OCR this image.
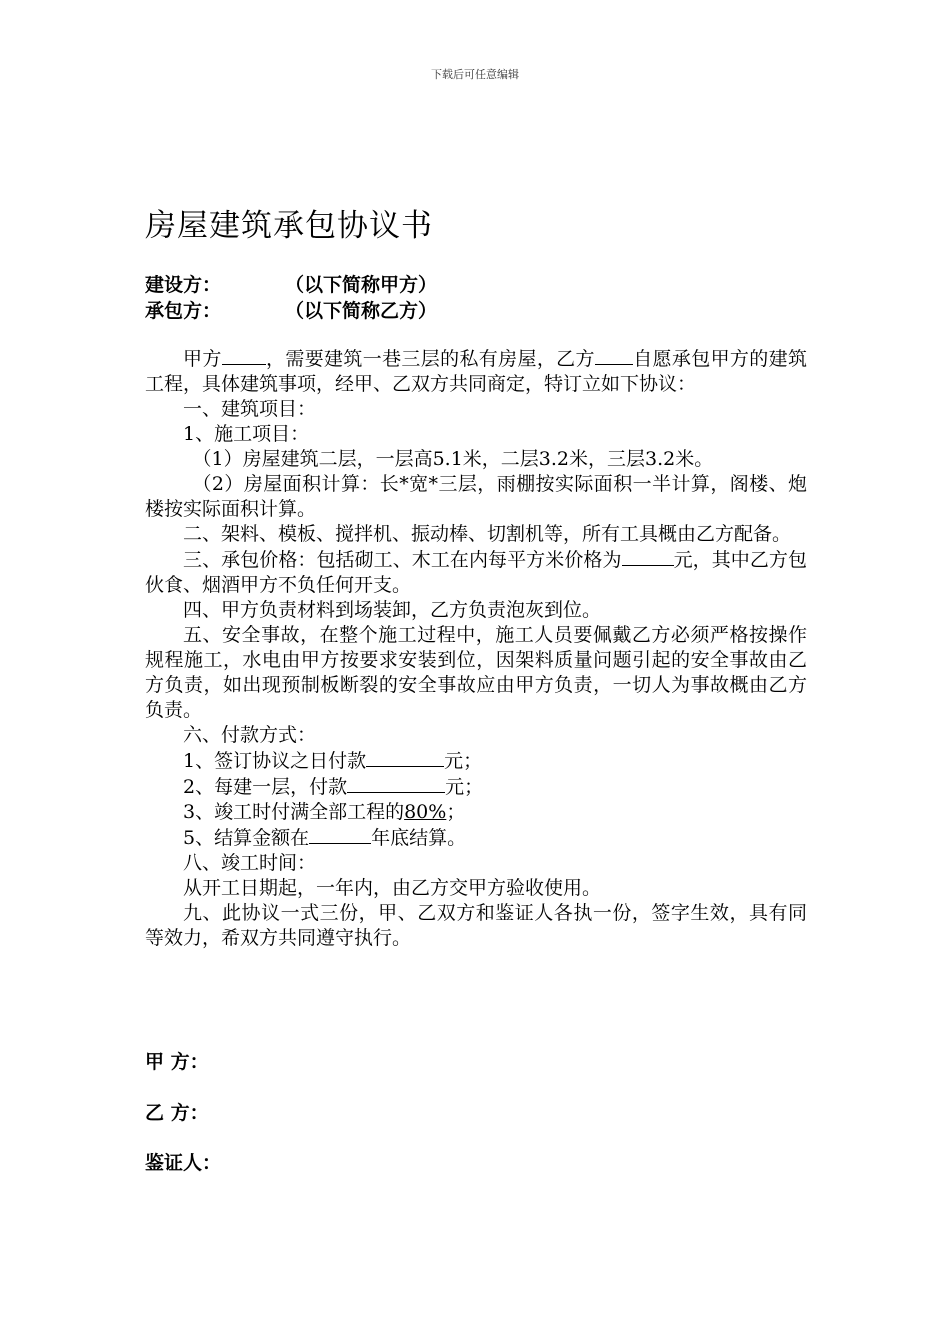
下载后可任意编辑
房屋建筑承包协议书
建设方：	（以下简称甲方）
承包方：	（以下简称乙方）

甲方 ，需要建筑一巷三层的私有房屋，乙方 自愿承包甲方的建筑工程，具体建筑事项，经甲、乙双方共同商定，特订立如下协议：

一、建筑项目：

1、施工项目：

（1）房屋建筑二层，一层高5.1米，二层3.2米，三层3.2米。

（2）房屋面积计算：长*宽*三层，雨棚按实际面积一半计算，阁楼、炮楼按实际面积计算。

二、架料、模板、搅拌机、振动棒、切割机等，所有工具概由乙方配备。

三、承包价格：包括砌工、木工在内每平方米价格为	元，其中乙方包伙食、烟酒甲方不负任何开支。

四、甲方负责材料到场装卸，乙方负责泡灰到位。

五、安全事故，在整个施工过程中，施工人员要佩戴乙方必须严格按操作规程施工，水电由甲方按要求安装到位，因架料质量问题引起的安全事故由乙方负责，如出现预制板断裂的安全事故应由甲方负责，一切人为事故概由乙方负责。

六、付款方式：

1、签订协议之日付款	元；

2、每建一层，付款	元；

3、竣工时付满全部工程的80%；

5、结算金额在	年底结算。

八、竣工时间：

从开工日期起，一年内，由乙方交甲方验收使用。

九、此协议一式三份，甲、乙双方和鉴证人各执一份，签字生效，具有同等效力，希双方共同遵守执行。

甲 方：
乙 方：
鉴证人：
